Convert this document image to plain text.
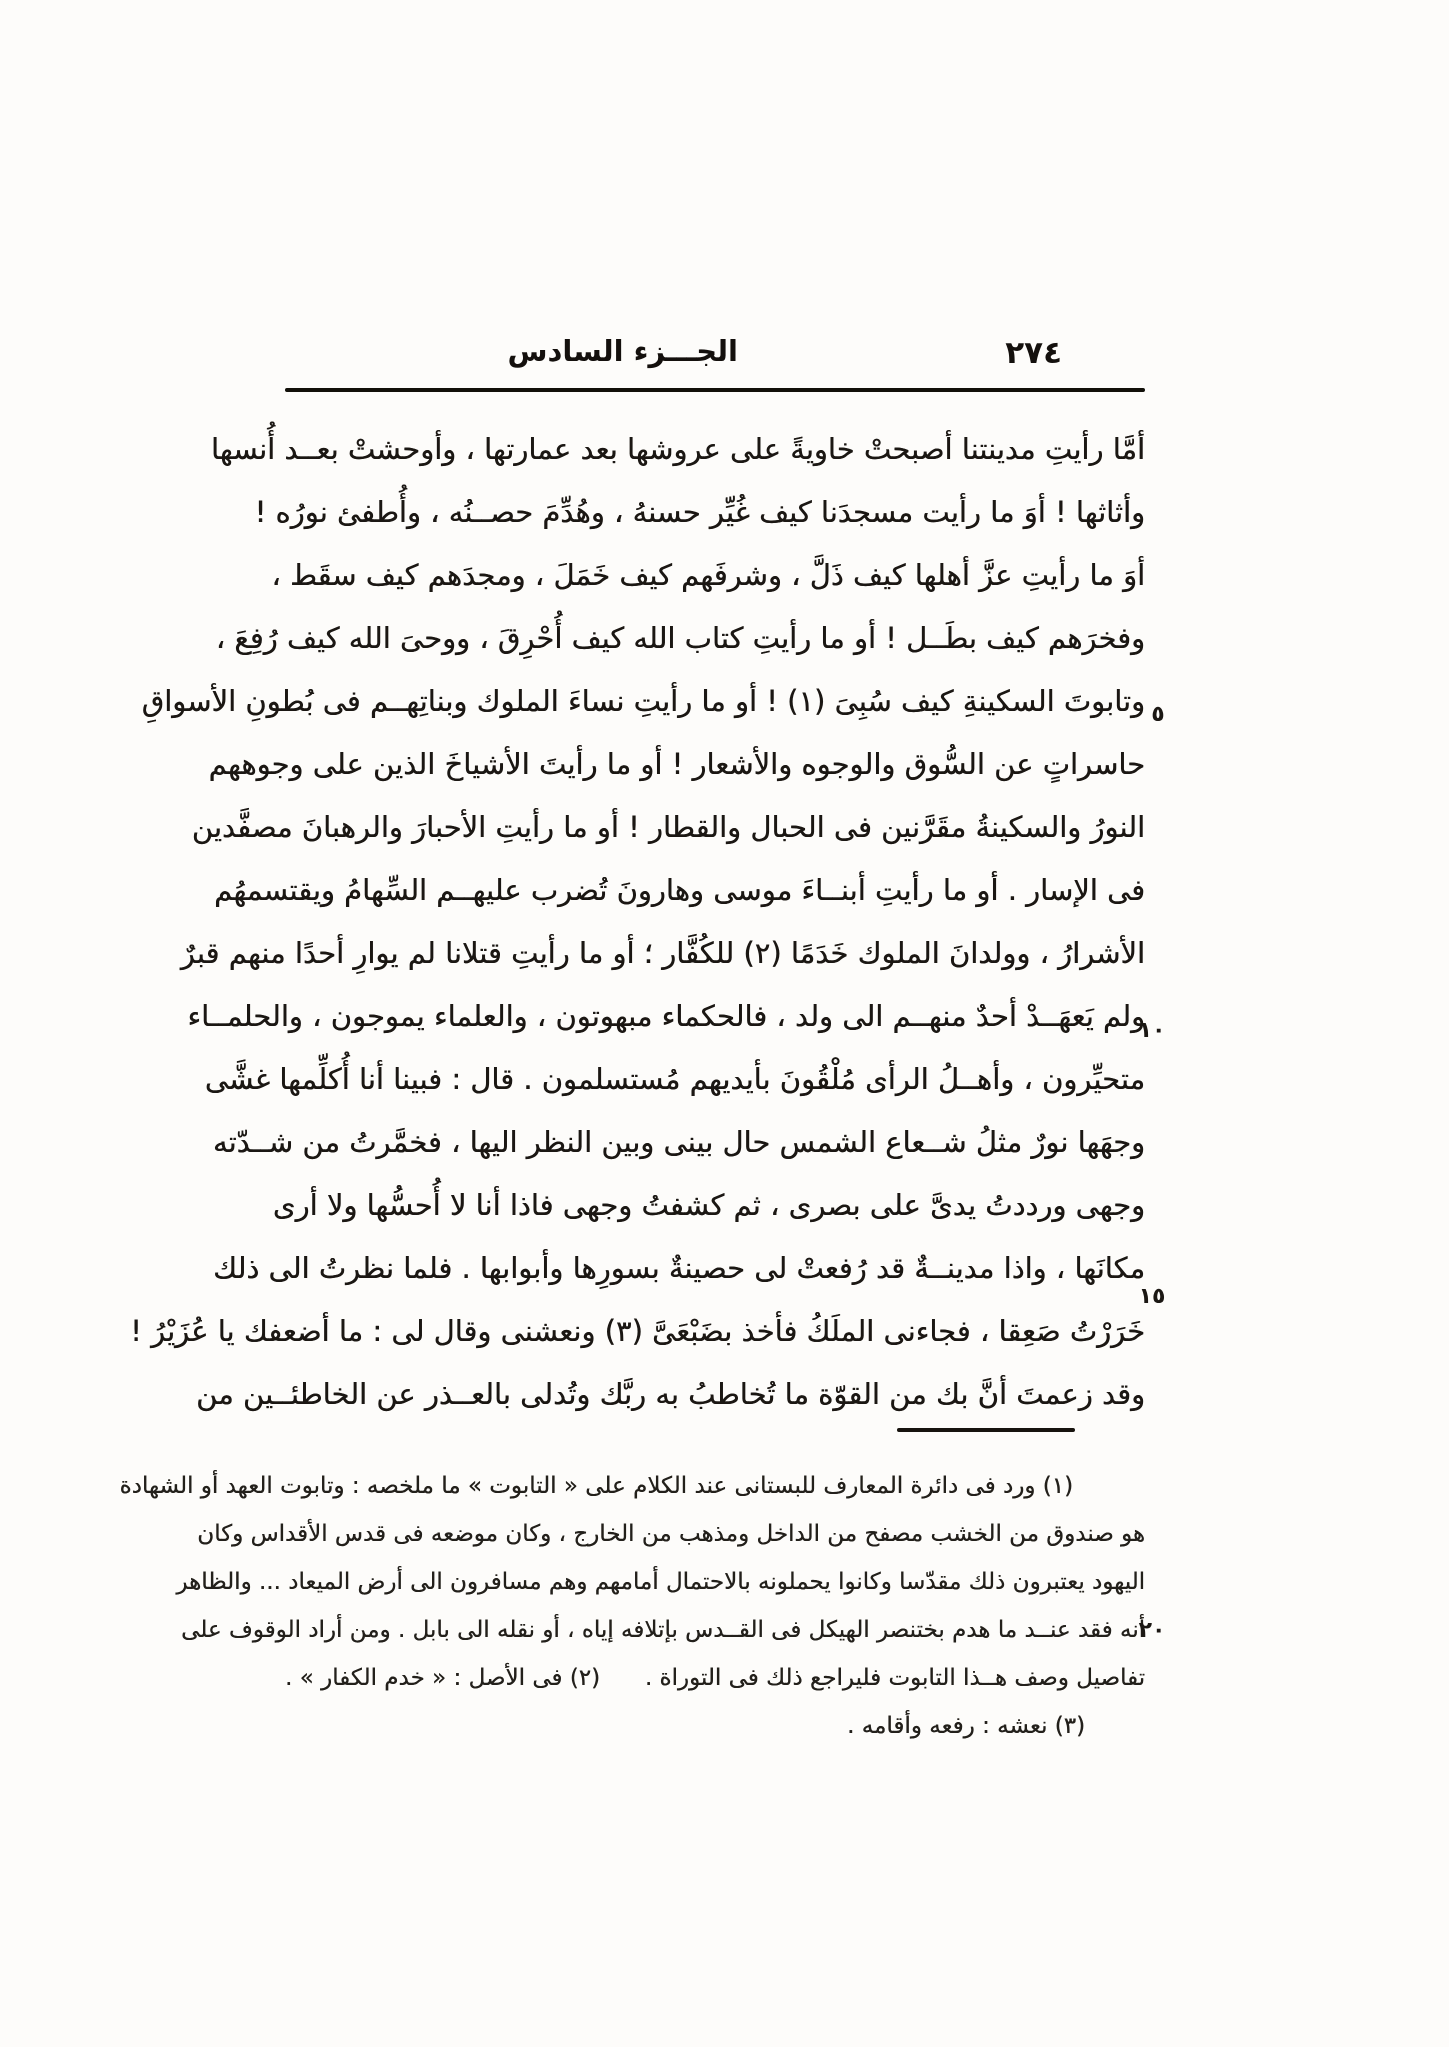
الجـــزء السادس	٢٧٤
أمَّا رأيتِ مدينتنا أصبحتْ خاويةً على عروشها بعد عمارتها ، وأوحشتْ بعــد أُنسها
وأثاثها ! أوَ ما رأيت مسجدَنا كيف غُيِّر حسنهُ ، وهُدِّمَ حصــنُه ، وأُطفئ نورُه !
أوَ ما رأيتِ عزَّ أهلها كيف ذَلَّ ، وشرفَهم كيف خَمَلَ ، ومجدَهم كيف سقَط ،
وفخرَهم كيف بطَــل ! أو ما رأيتِ كتاب الله كيف أُحْرِقَ ، ووحىَ الله كيف رُفِعَ ،
وتابوتَ السكينةِ كيف سُبِىَ (١) ! أو ما رأيتِ نساءَ الملوك وبناتِهــم فى بُطونِ الأسواقِ
حاسراتٍ عن السُّوق والوجوه والأشعار ! أو ما رأيتَ الأشياخَ الذين على وجوههم
النورُ والسكينةُ مقَرَّنين فى الحبال والقطار ! أو ما رأيتِ الأحبارَ والرهبانَ مصفَّدين
فى الإسار . أو ما رأيتِ أبنــاءَ موسى وهارونَ تُضرب عليهــم السِّهامُ ويقتسمهُم
الأشرارُ ، وولدانَ الملوك خَدَمًا (٢) للكُفَّار ؛ أو ما رأيتِ قتلانا لم يوارِ أحدًا منهم قبرٌ
ولم يَعهَــدْ أحدٌ منهــم الى ولد ، فالحكماء مبهوتون ، والعلماء يموجون ، والحلمــاء
متحيِّرون ، وأهــلُ الرأى مُلْقُونَ بأيديهم مُستسلمون . قال : فبينا أنا أُكلِّمها غشَّى
وجهَها نورٌ مثلُ شــعاع الشمس حال بينى وبين النظر اليها ، فخمَّرتُ من شــدّته
وجهى ورددتُ يدىَّ على بصرى ، ثم كشفتُ وجهى فاذا أنا لا أُحسُّها ولا أرى
مكانَها ، واذا مدينــةٌ قد رُفعتْ لى حصينةٌ بسورِها وأبوابها . فلما نظرتُ الى ذلك
خَرَرْتُ صَعِقا ، فجاءنى الملَكُ فأخذ بضَبْعَىَّ (٣) ونعشنى وقال لى : ما أضعفك يا عُزَيْرُ !
وقد زعمتَ أنَّ بك من القوّة ما تُخاطبُ به ربَّك وتُدلى بالعــذر عن الخاطئــين من
(١) ورد فى دائرة المعارف للبستانى عند الكلام على « التابوت » ما ملخصه : وتابوت العهد أو الشهادة
هو صندوق من الخشب مصفح من الداخل ومذهب من الخارج ، وكان موضعه فى قدس الأقداس وكان
اليهود يعتبرون ذلك مقدّسا وكانوا يحملونه بالاحتمال أمامهم وهم مسافرون الى أرض الميعاد ... والظاهر
أنه فقد عنــد ما هدم بختنصر الهيكل فى القــدس بإتلافه إياه ، أو نقله الى بابل . ومن أراد الوقوف على
تفاصيل وصف هــذا التابوت فليراجع ذلك فى التوراة .
(٢) فى الأصل : « خدم الكفار » .
(٣) نعشه : رفعه وأقامه .
٥
١٠
١٥
٢٠
